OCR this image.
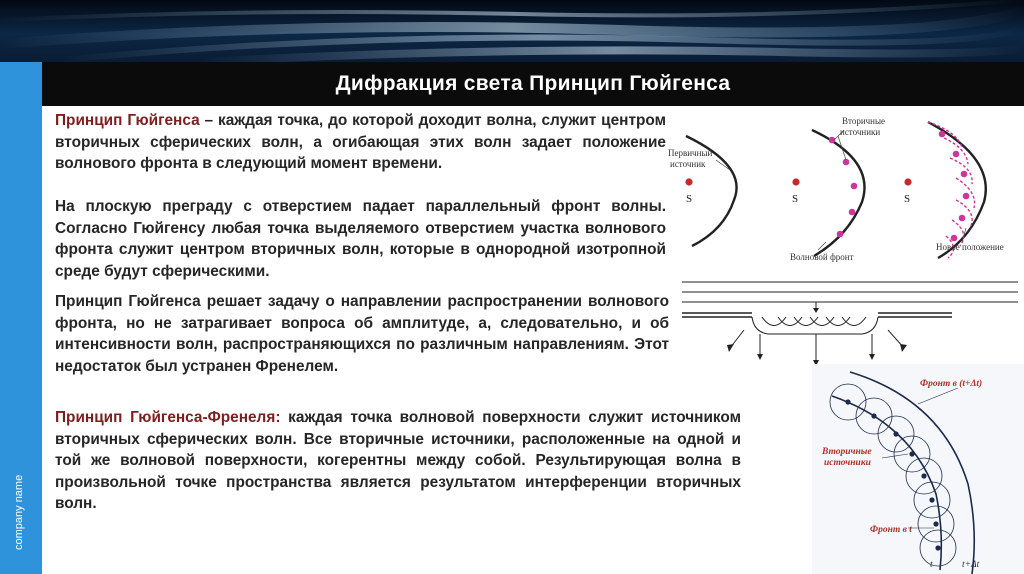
Дифракция света Принцип Гюйгенса
company name

Принцип Гюйгенса – каждая точка, до которой доходит волна, служит центром вторичных сферических волн, а огибающая этих волн задает положение волнового фронта в следующий момент времени.

На плоскую преграду с отверстием падает параллельный фронт волны. Согласно Гюйгенсу любая точка выделяемого отверстием участка волнового фронта служит центром вторичных волн, которые в однородной изотропной среде будут сферическими.

Принцип Гюйгенса решает задачу о направлении распространении волнового фронта, но не затрагивает вопроса об амплитуде, а, следовательно, и об интенсивности волн, распространяющихся по различным направлениям. Этот недостаток был устранен Френелем.

Принцип Гюйгенса-Френеля: каждая точка волновой поверхности служит источником вторичных сферических волн. Все вторичные источники, расположенные на одной и той же волновой поверхности, когерентны между собой. Результирующая волна в произвольной точке пространства является результатом интерференции вторичных волн.

S	S	S
Первичный
источник
Вторичные
источники
Волновой фронт
Новое положение
Фронт в (t+Δt)
Вторичные
источники
Фронт в t
t	t+Δt
